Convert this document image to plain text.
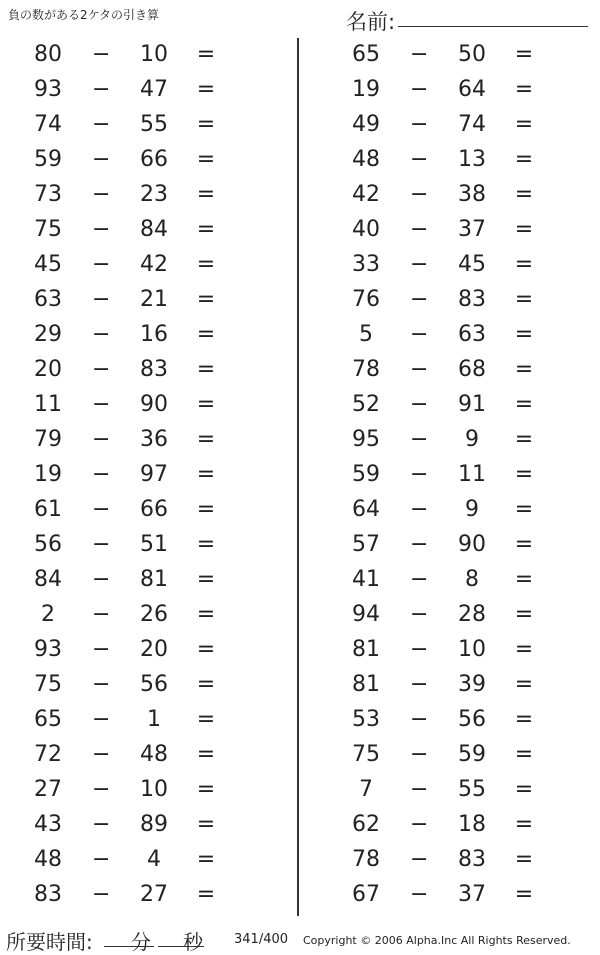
負の数がある2ケタの引き算	名前:
80	−	10	=
93	−	47	=
74	−	55	=
59	−	66	=
73	−	23	=
75	−	84	=
45	−	42	=
63	−	21	=
29	−	16	=
20	−	83	=
11	−	90	=
79	−	36	=
19	−	97	=
61	−	66	=
56	−	51	=
84	−	81	=
2	−	26	=
93	−	20	=
75	−	56	=
65	−	1	=
72	−	48	=
27	−	10	=
43	−	89	=
48	−	4	=
83	−	27	=
65	−	50	=
19	−	64	=
49	−	74	=
48	−	13	=
42	−	38	=
40	−	37	=
33	−	45	=
76	−	83	=
5	−	63	=
78	−	68	=
52	−	91	=
95	−	9	=
59	−	11	=
64	−	9	=
57	−	90	=
41	−	8	=
94	−	28	=
81	−	10	=
81	−	39	=
53	−	56	=
75	−	59	=
7	−	55	=
62	−	18	=
78	−	83	=
67	−	37	=
所要時間: 分 秒 341/400 Copyright © 2006 Alpha.Inc All Rights Reserved.
